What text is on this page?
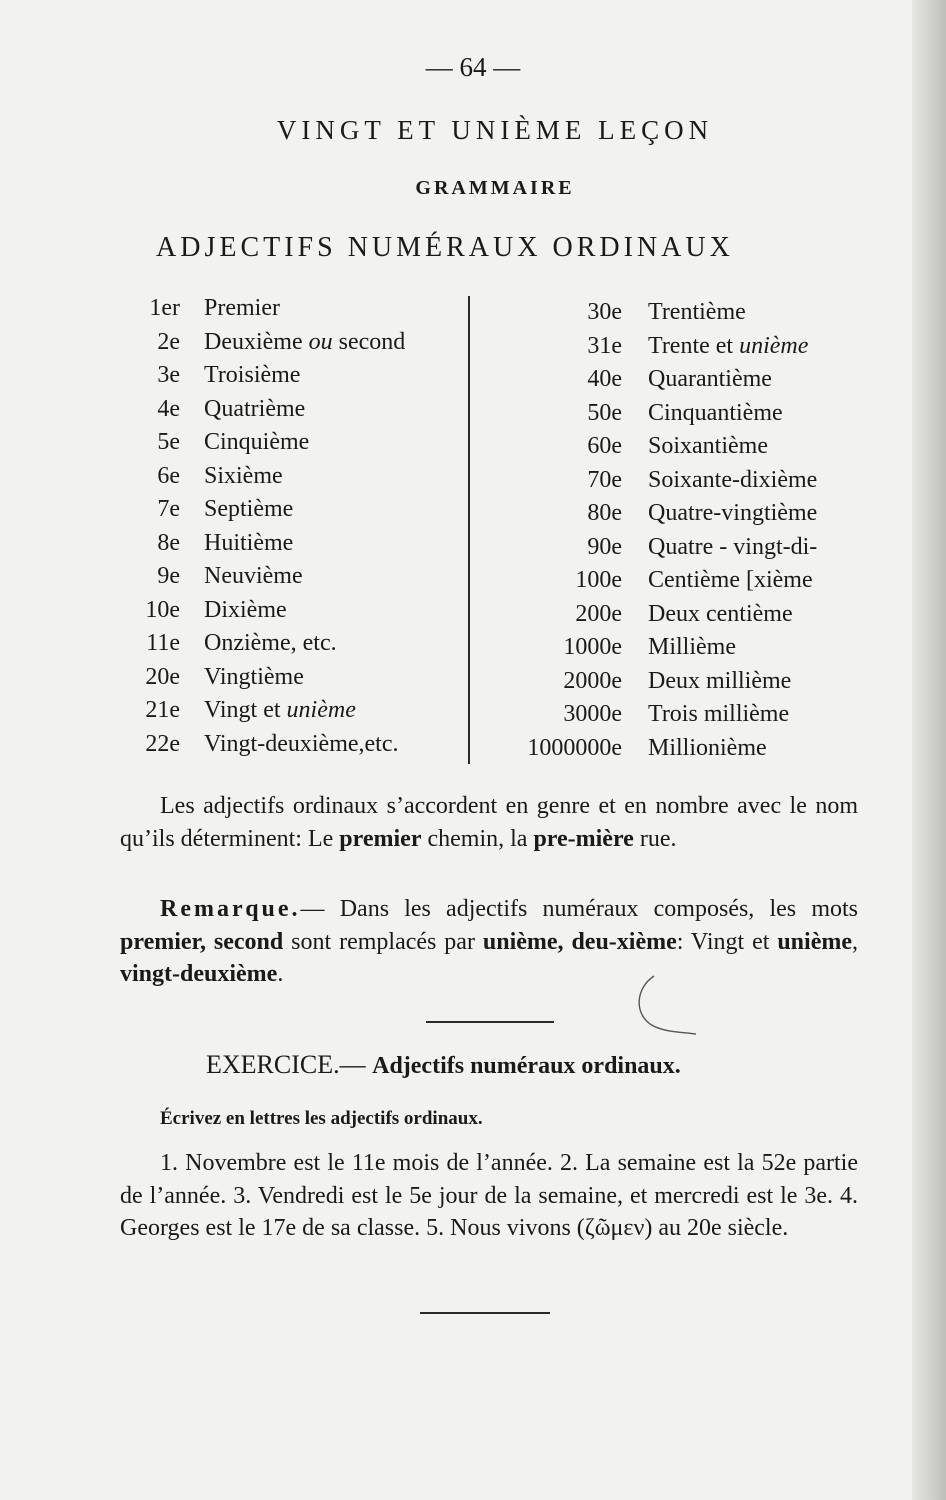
— 64 —
VINGT ET UNIÈME LEÇON
GRAMMAIRE
ADJECTIFS NUMÉRAUX ORDINAUX
1er
2e
3e
4e
5e
6e
7e
8e
9e
10e
11e
20e
21e
22e
Premier
Deuxième ou second
Troisième
Quatrième
Cinquième
Sixième
Septième
Huitième
Neuvième
Dixième
Onzième, etc.
Vingtième
Vingt et unième
Vingt-deuxième,etc.
30e
31e
40e
50e
60e
70e
80e
90e
100e
200e
1000e
2000e
3000e
1000000e
Trentième
Trente et unième
Quarantième
Cinquantième
Soixantième
Soixante-dixième
Quatre-vingtième
Quatre - vingt-di-
Centième [xième
Deux centième
Millième
Deux millième
Trois millième
Millionième
Les adjectifs ordinaux s’accordent en genre et en nombre avec le nom qu’ils déterminent: Le premier chemin, la pre-mière rue.
Remarque.— Dans les adjectifs numéraux composés, les mots premier, second sont remplacés par unième, deu-xième: Vingt et unième, vingt-deuxième.
EXERCICE.— Adjectifs numéraux ordinaux.
Écrivez en lettres les adjectifs ordinaux.
1. Novembre est le 11e mois de l’année. 2. La semaine est la 52e partie de l’année. 3. Vendredi est le 5e jour de la semaine, et mercredi est le 3e. 4. Georges est le 17e de sa classe. 5. Nous vivons (ζῶμεν) au 20e siècle.
